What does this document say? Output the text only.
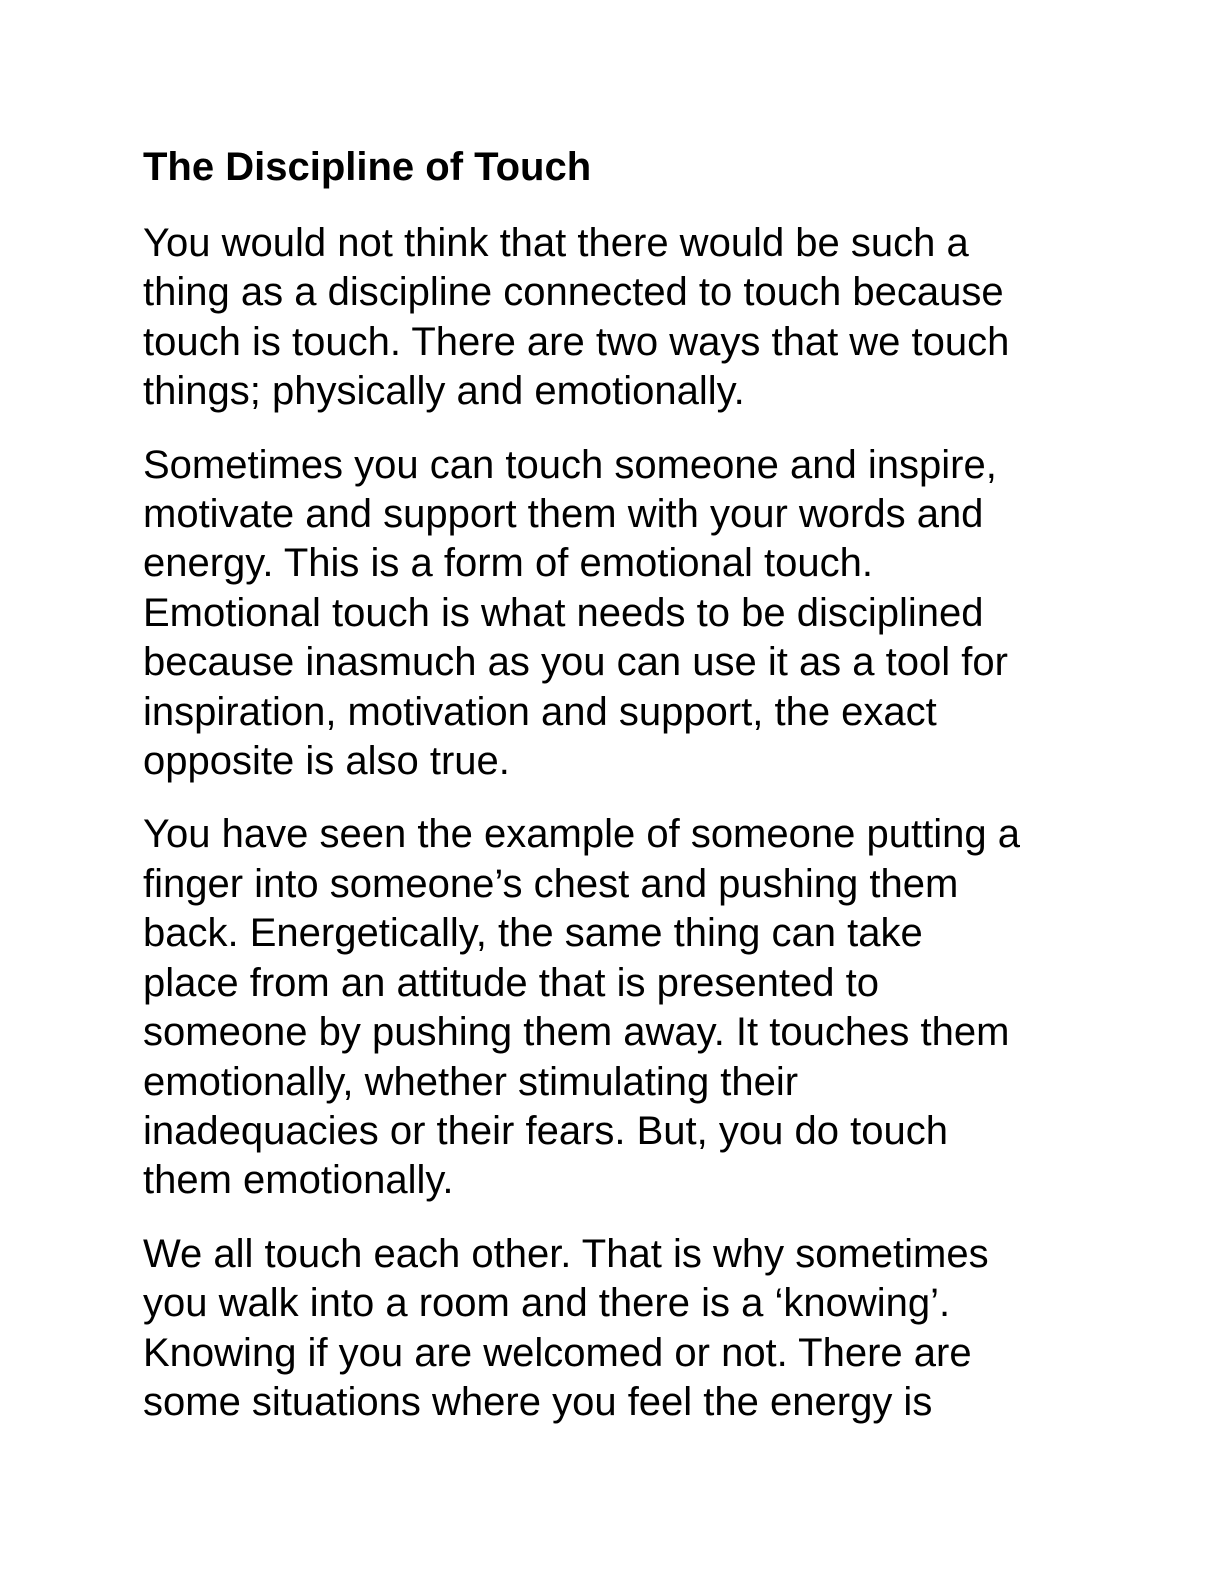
The Discipline of Touch

You would not think that there would be such a
thing as a discipline connected to touch because
touch is touch. There are two ways that we touch
things; physically and emotionally.

Sometimes you can touch someone and inspire,
motivate and support them with your words and
energy. This is a form of emotional touch.
Emotional touch is what needs to be disciplined
because inasmuch as you can use it as a tool for
inspiration, motivation and support, the exact
opposite is also true.

You have seen the example of someone putting a
finger into someone’s chest and pushing them
back. Energetically, the same thing can take
place from an attitude that is presented to
someone by pushing them away. It touches them
emotionally, whether stimulating their
inadequacies or their fears. But, you do touch
them emotionally.

We all touch each other. That is why sometimes
you walk into a room and there is a ‘knowing’.
Knowing if you are welcomed or not. There are
some situations where you feel the energy is
